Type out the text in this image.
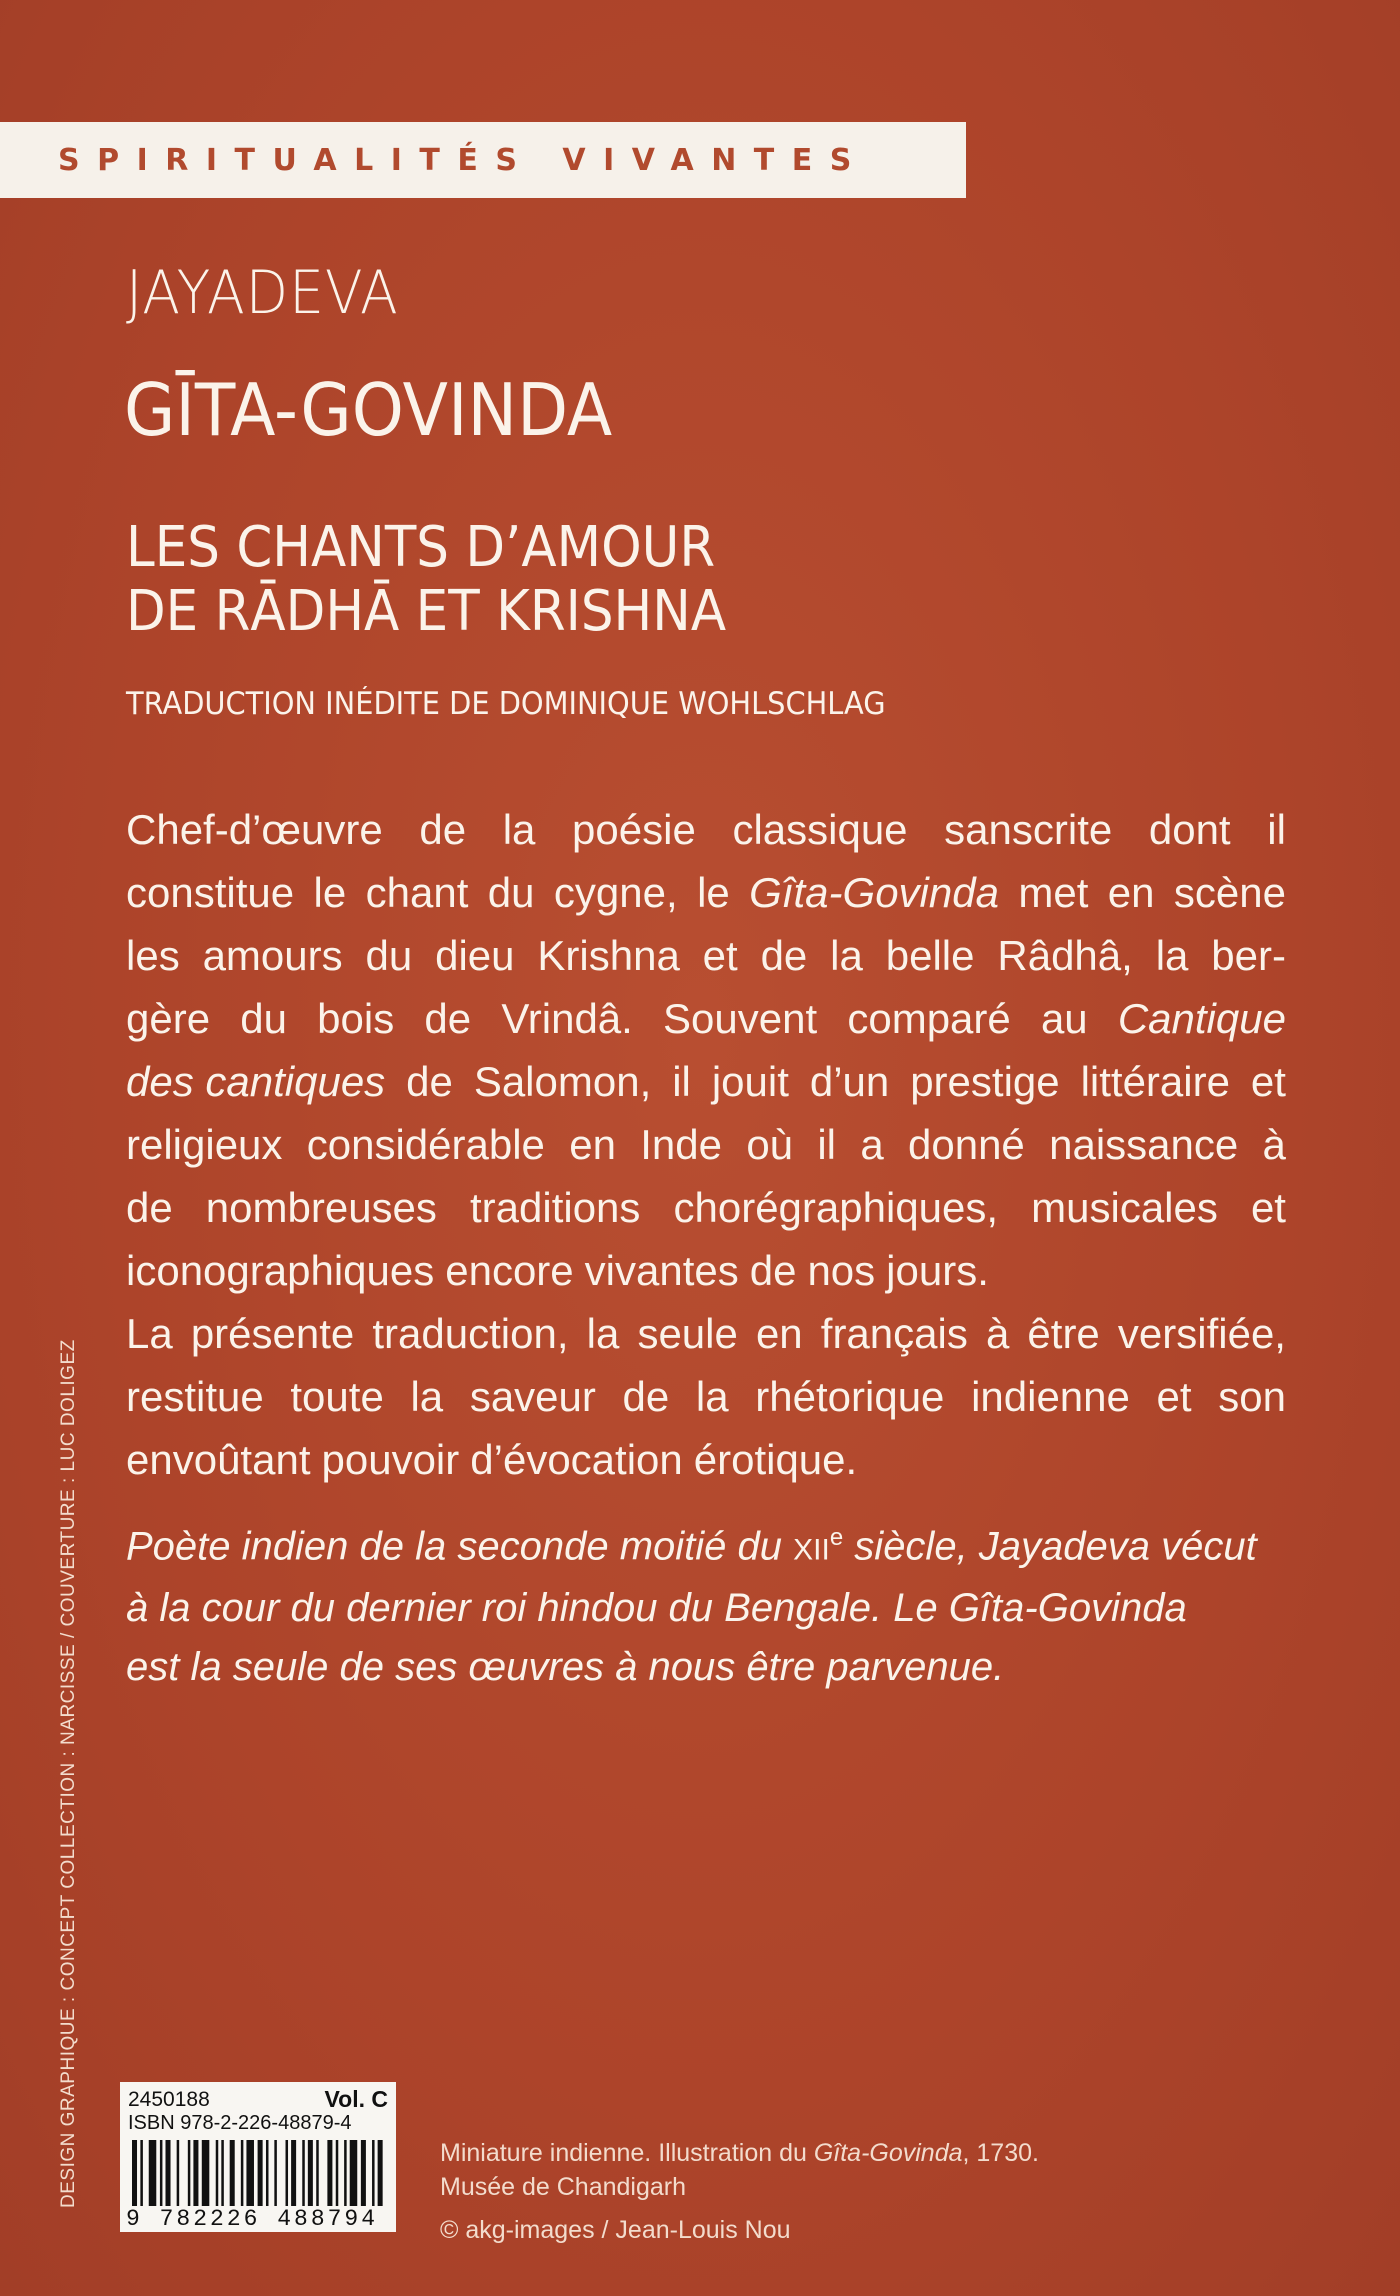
SPIRITUALITÉS VIVANTES
JAYADEVA
GĪTA-GOVINDA
LES CHANTS D’AMOUR
DE RĀDHĀ ET KRISHNA
TRADUCTION INÉDITE DE DOMINIQUE WOHLSCHLAG
Chef-d’œuvre de la poésie classique sanscrite dont il
constitue le chant du cygne, le Gîta-Govinda met en scène
les amours du dieu Krishna et de la belle Râdhâ, la ber-
gère du bois de Vrindâ. Souvent comparé au Cantique
des cantiques de Salomon, il jouit d’un prestige littéraire et
religieux considérable en Inde où il a donné naissance à
de nombreuses traditions chorégraphiques, musicales et
iconographiques encore vivantes de nos jours.
La présente traduction, la seule en français à être versifiée,
restitue toute la saveur de la rhétorique indienne et son
envoûtant pouvoir d’évocation érotique.
Poète indien de la seconde moitié du XIIe siècle, Jayadeva vécut
à la cour du dernier roi hindou du Bengale. Le Gîta-Govinda
est la seule de ses œuvres à nous être parvenue.
DESIGN GRAPHIQUE : CONCEPT COLLECTION : NARCISSE / COUVERTURE : LUC DOLIGEZ 2450188	Vol. C
ISBN 978-2-226-48879-4
9 782226 488794
Miniature indienne. Illustration du Gîta-Govinda, 1730.
Musée de Chandigarh
© akg-images / Jean-Louis Nou
